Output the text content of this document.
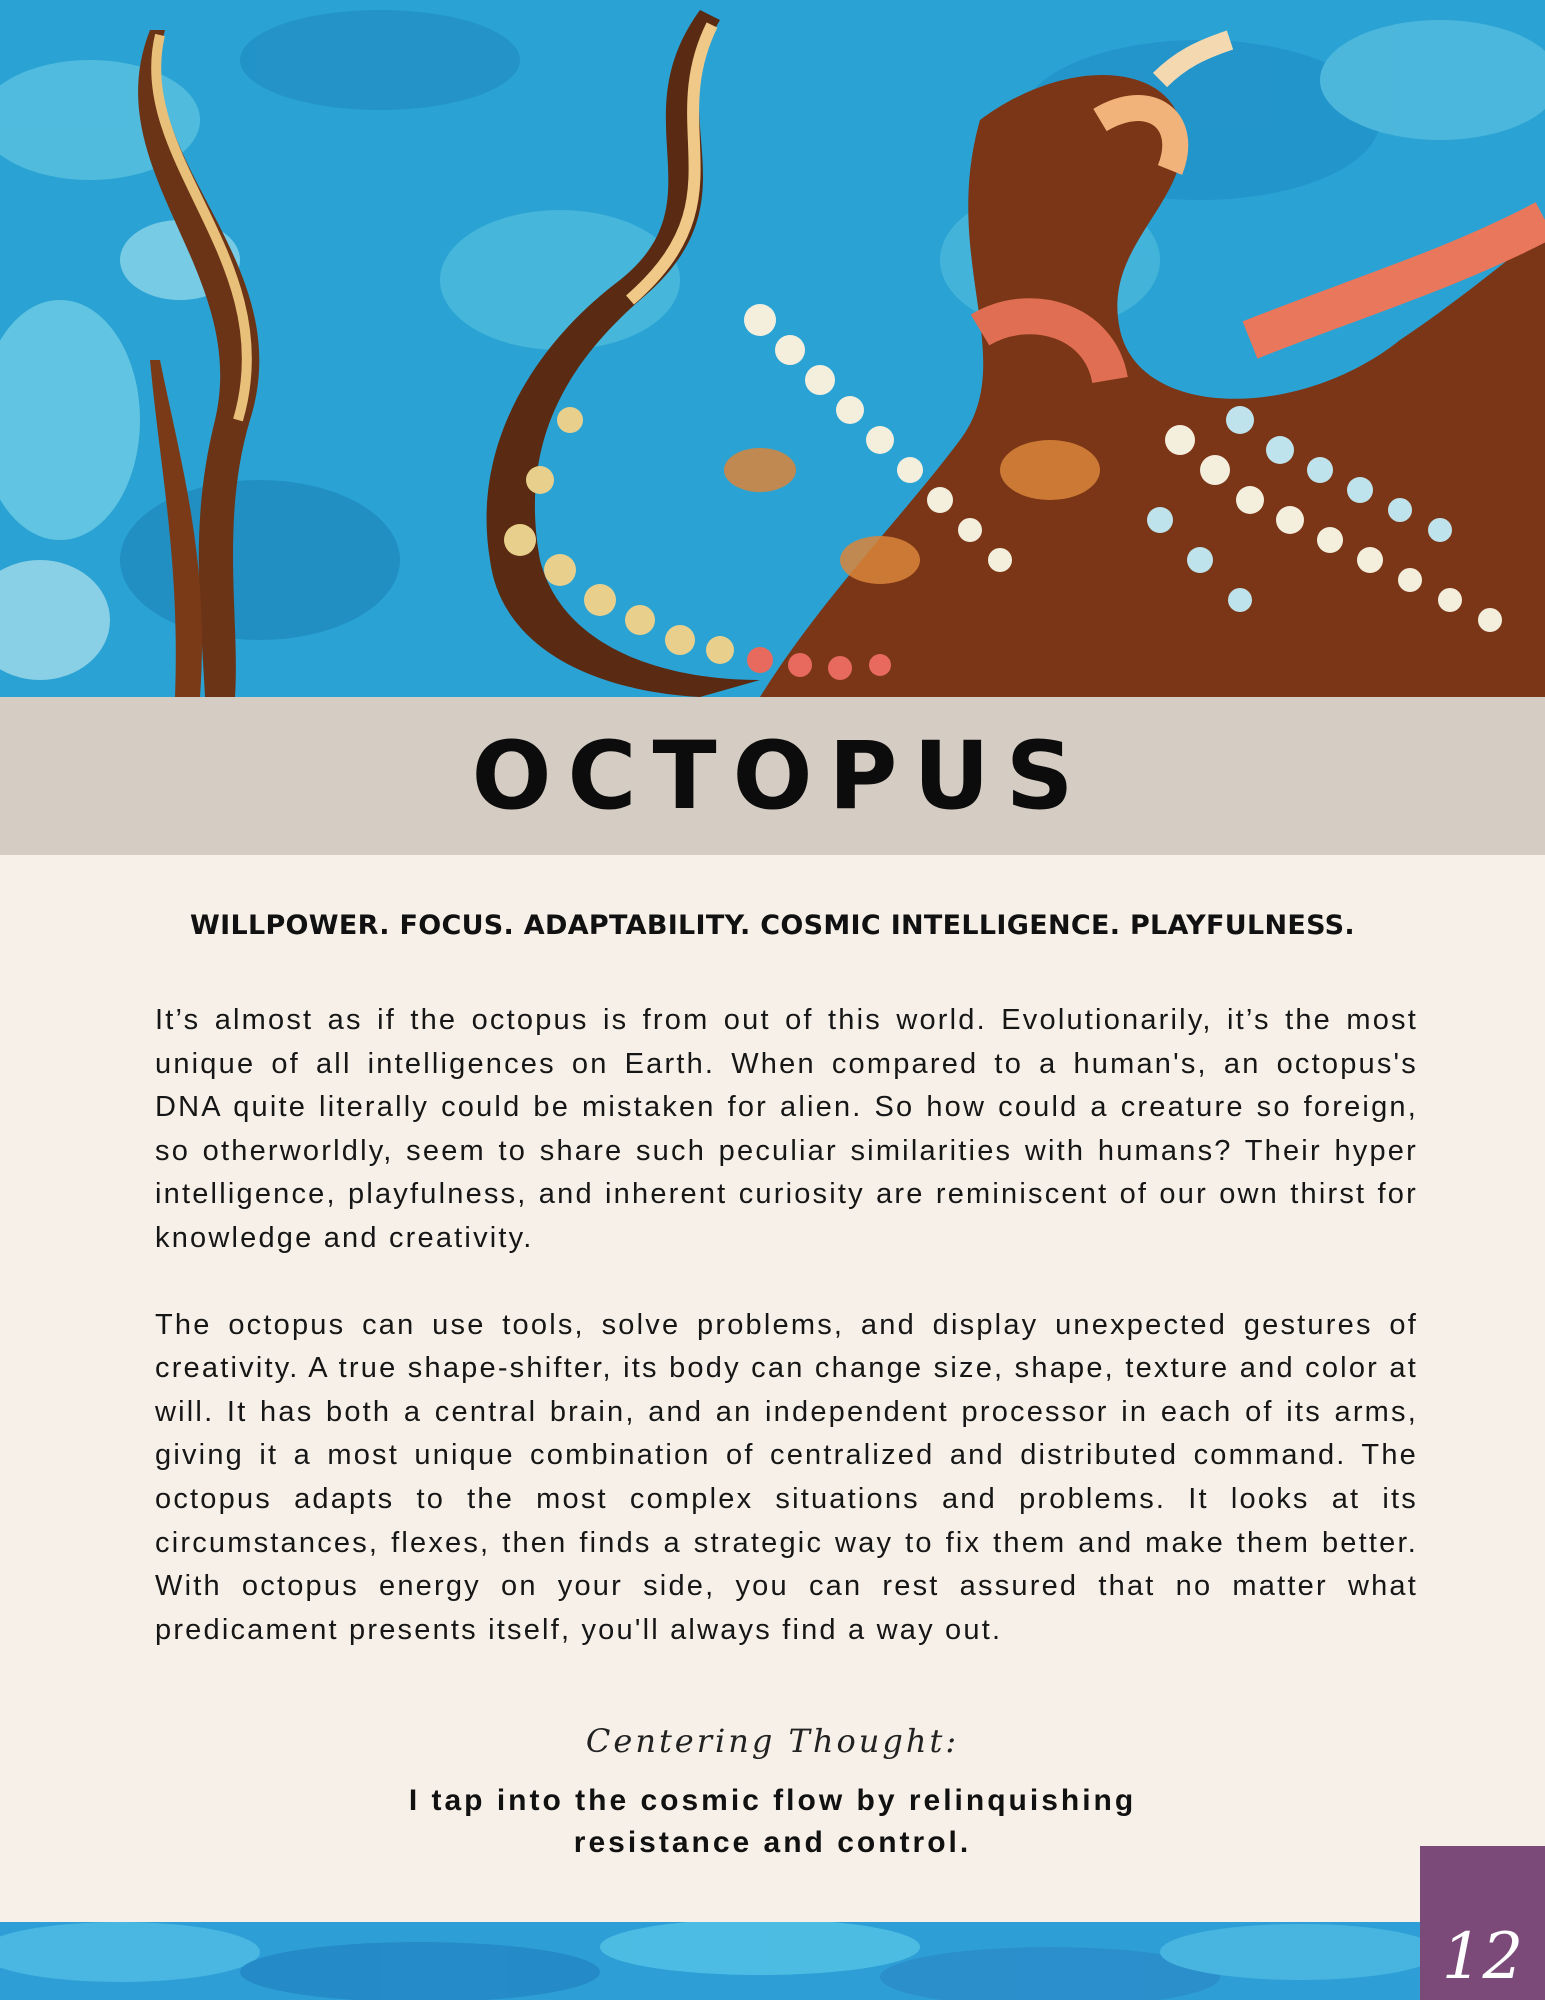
OCTOPUS
WILLPOWER. FOCUS. ADAPTABILITY. COSMIC INTELLIGENCE. PLAYFULNESS.

It’s almost as if the octopus is from out of this world. Evolutionarily, it’s the most unique of all intelligences on Earth. When compared to a human's, an octopus's DNA quite literally could be mistaken for alien. So how could a creature so foreign, so otherworldly, seem to share such peculiar similarities with humans? Their hyper intelligence, playfulness, and inherent curiosity are reminiscent of our own thirst for knowledge and creativity.

The octopus can use tools, solve problems, and display unexpected gestures of creativity. A true shape-shifter, its body can change size, shape, texture and color at will. It has both a central brain, and an independent processor in each of its arms, giving it a most unique combination of centralized and distributed command. The octopus adapts to the most complex situations and problems. It looks at its circumstances, flexes, then finds a strategic way to fix them and make them better. With octopus energy on your side, you can rest assured that no matter what predicament presents itself, you'll always find a way out.

Centering Thought:
I tap into the cosmic flow by relinquishing
resistance and control.
12
